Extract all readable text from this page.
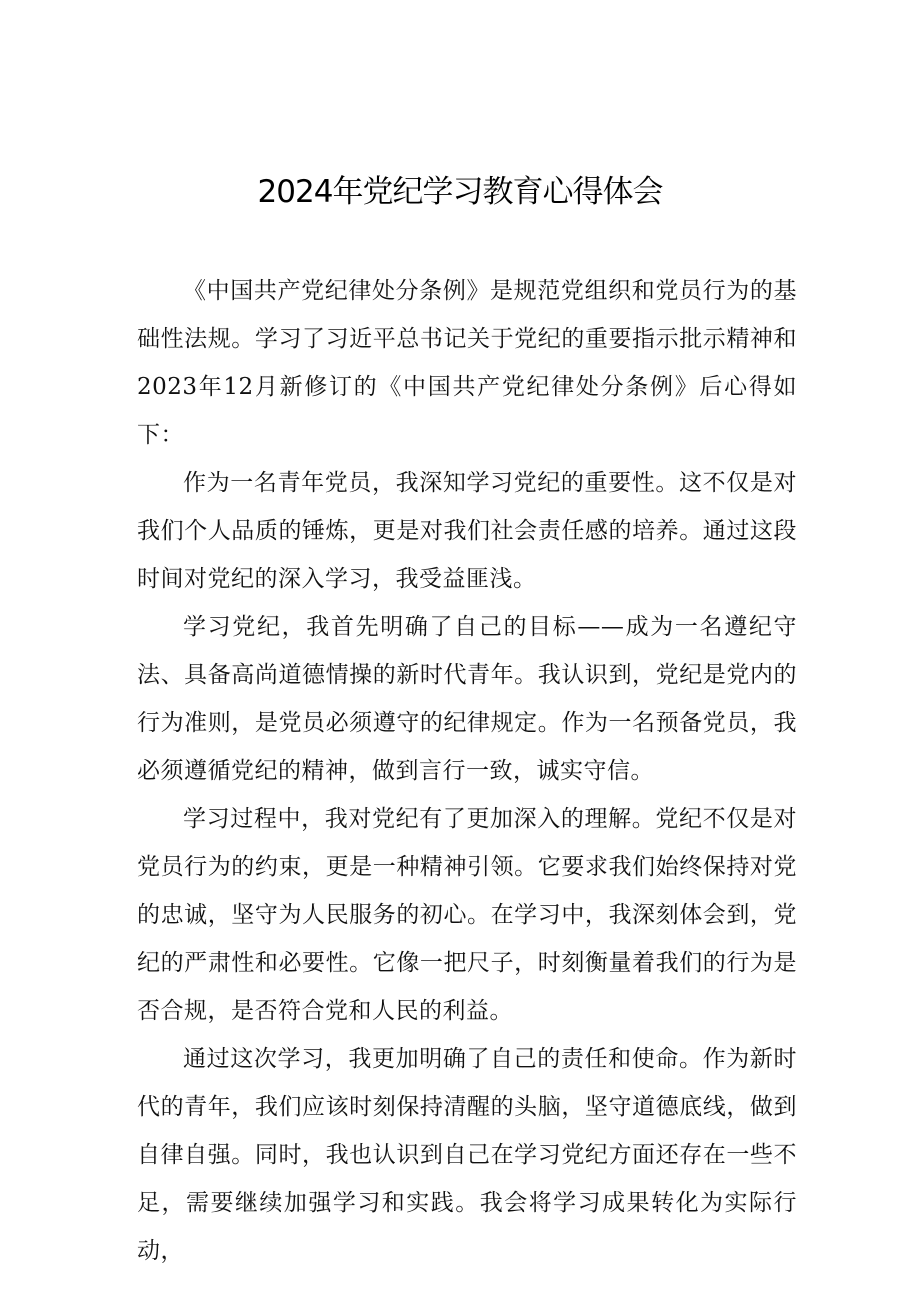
2024年党纪学习教育心得体会

《中国共产党纪律处分条例》是规范党组织和党员行为的基础性法规。学习了习近平总书记关于党纪的重要指示批示精神和2023年12月新修订的《中国共产党纪律处分条例》后心得如下：

作为一名青年党员，我深知学习党纪的重要性。这不仅是对我们个人品质的锤炼，更是对我们社会责任感的培养。通过这段时间对党纪的深入学习，我受益匪浅。

学习党纪，我首先明确了自己的目标——成为一名遵纪守法、具备高尚道德情操的新时代青年。我认识到，党纪是党内的行为准则，是党员必须遵守的纪律规定。作为一名预备党员，我必须遵循党纪的精神，做到言行一致，诚实守信。

学习过程中，我对党纪有了更加深入的理解。党纪不仅是对党员行为的约束，更是一种精神引领。它要求我们始终保持对党的忠诚，坚守为人民服务的初心。在学习中，我深刻体会到，党纪的严肃性和必要性。它像一把尺子，时刻衡量着我们的行为是否合规，是否符合党和人民的利益。

通过这次学习，我更加明确了自己的责任和使命。作为新时代的青年，我们应该时刻保持清醒的头脑，坚守道德底线，做到自律自强。同时，我也认识到自己在学习党纪方面还存在一些不足，需要继续加强学习和实践。我会将学习成果转化为实际行动，
